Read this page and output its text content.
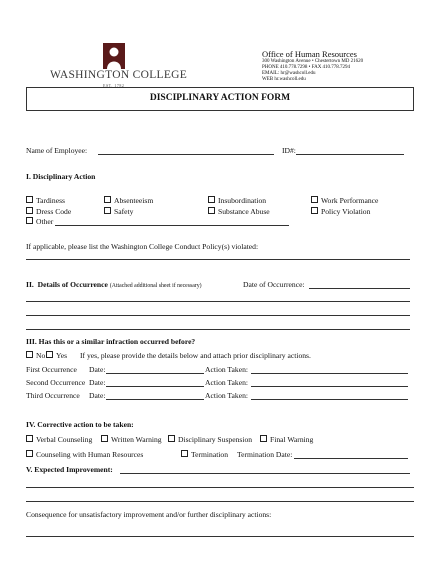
WASHINGTON COLLEGE
EST. 1782
Office of Human Resources
300 Washington Avenue • Chestertown MD 21620
PHONE 410.778.7298 • FAX 410.778.7294
EMAIL: hr@washcoll.edu
WEB hr.washcoll.edu
DISCIPLINARY ACTION FORM
Name of Employee:	ID#:
I. Disciplinary Action
Tardiness	Absenteeism	Insubordination	Work Performance
Dress Code	Safety	Substance Abuse	Policy Violation
Other
If applicable, please list the Washington College Conduct Policy(s) violated:
II. Details of Occurrence (Attached additional sheet if necessary)	Date of Occurrence:
III. Has this or a similar infraction occurred before?
No	Yes If yes, please provide the details below and attach prior disciplinary actions.
First Occurrence Date:	Action Taken:
Second Occurrence Date:	Action Taken:
Third Occurrence Date:	Action Taken:
IV. Corrective action to be taken:
Verbal Counseling	Written Warning	Disciplinary Suspension	Final Warning
Counseling with Human Resources	Termination Termination Date:
V. Expected Improvement:
Consequence for unsatisfactory improvement and/or further disciplinary actions:
